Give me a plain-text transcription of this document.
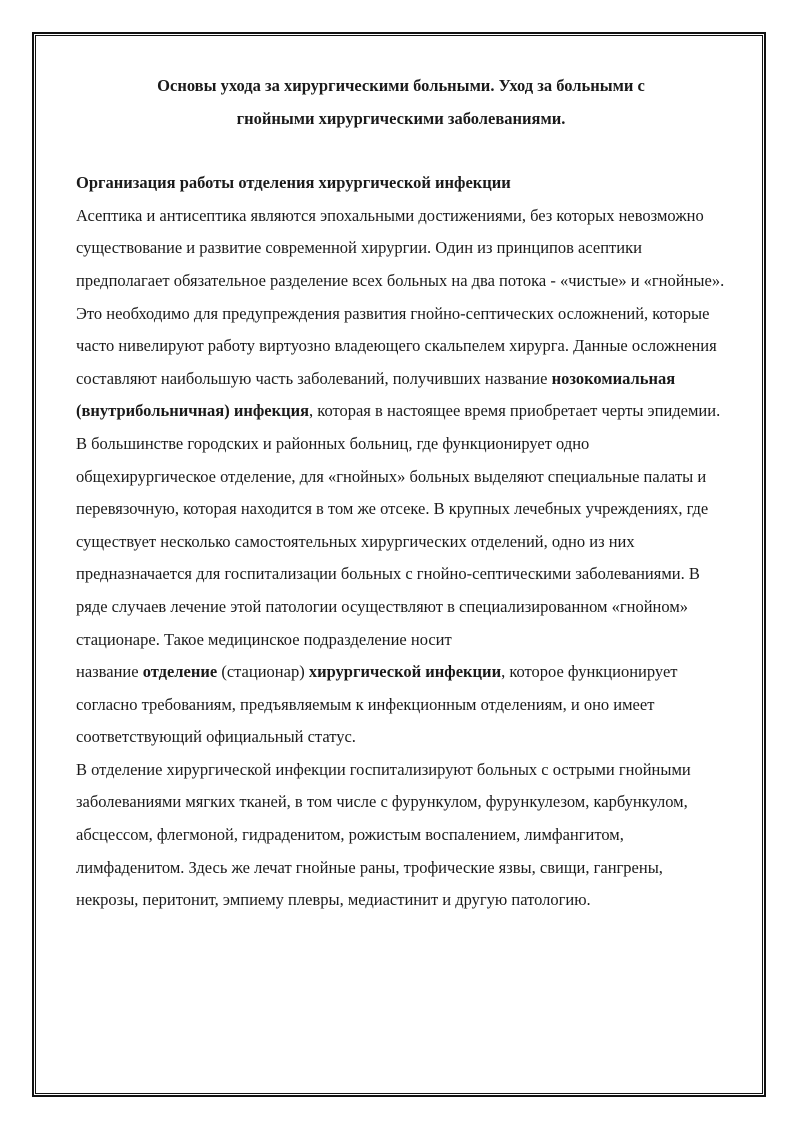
Основы ухода за хирургическими больными. Уход за больными с
гнойными хирургическими заболеваниями.

Организация работы отделения хирургической инфекции

Асептика и антисептика являются эпохальными достижениями, без которых невозможно существование и развитие современной хирургии. Один из принципов асептики предполагает обязательное разделение всех больных на два потока - «чистые» и «гнойные». Это необходимо для предупреждения развития гнойно-септических осложнений, которые часто нивелируют работу виртуозно владеющего скальпелем хирурга. Данные осложнения составляют наибольшую часть заболеваний, получивших название нозокомиальная (внутрибольничная) инфекция, которая в настоящее время приобретает черты эпидемии.

В большинстве городских и районных больниц, где функционирует одно общехирургическое отделение, для «гнойных» больных выделяют специальные палаты и перевязочную, которая находится в том же отсеке. В крупных лечебных учреждениях, где существует несколько самостоятельных хирургических отделений, одно из них предназначается для госпитализации больных с гнойно-септическими заболеваниями. В ряде случаев лечение этой патологии осуществляют в специализированном «гнойном» стационаре. Такое медицинское подразделение носит

название отделение (стационар) хирургической инфекции, которое функционирует согласно требованиям, предъявляемым к инфекционным отделениям, и оно имеет соответствующий официальный статус.

В отделение хирургической инфекции госпитализируют больных с острыми гнойными заболеваниями мягких тканей, в том числе с фурункулом, фурункулезом, карбункулом, абсцессом, флегмоной, гидраденитом, рожистым воспалением, лимфангитом, лимфаденитом. Здесь же лечат гнойные раны, трофические язвы, свищи, гангрены, некрозы, перитонит, эмпиему плевры, медиастинит и другую патологию.
